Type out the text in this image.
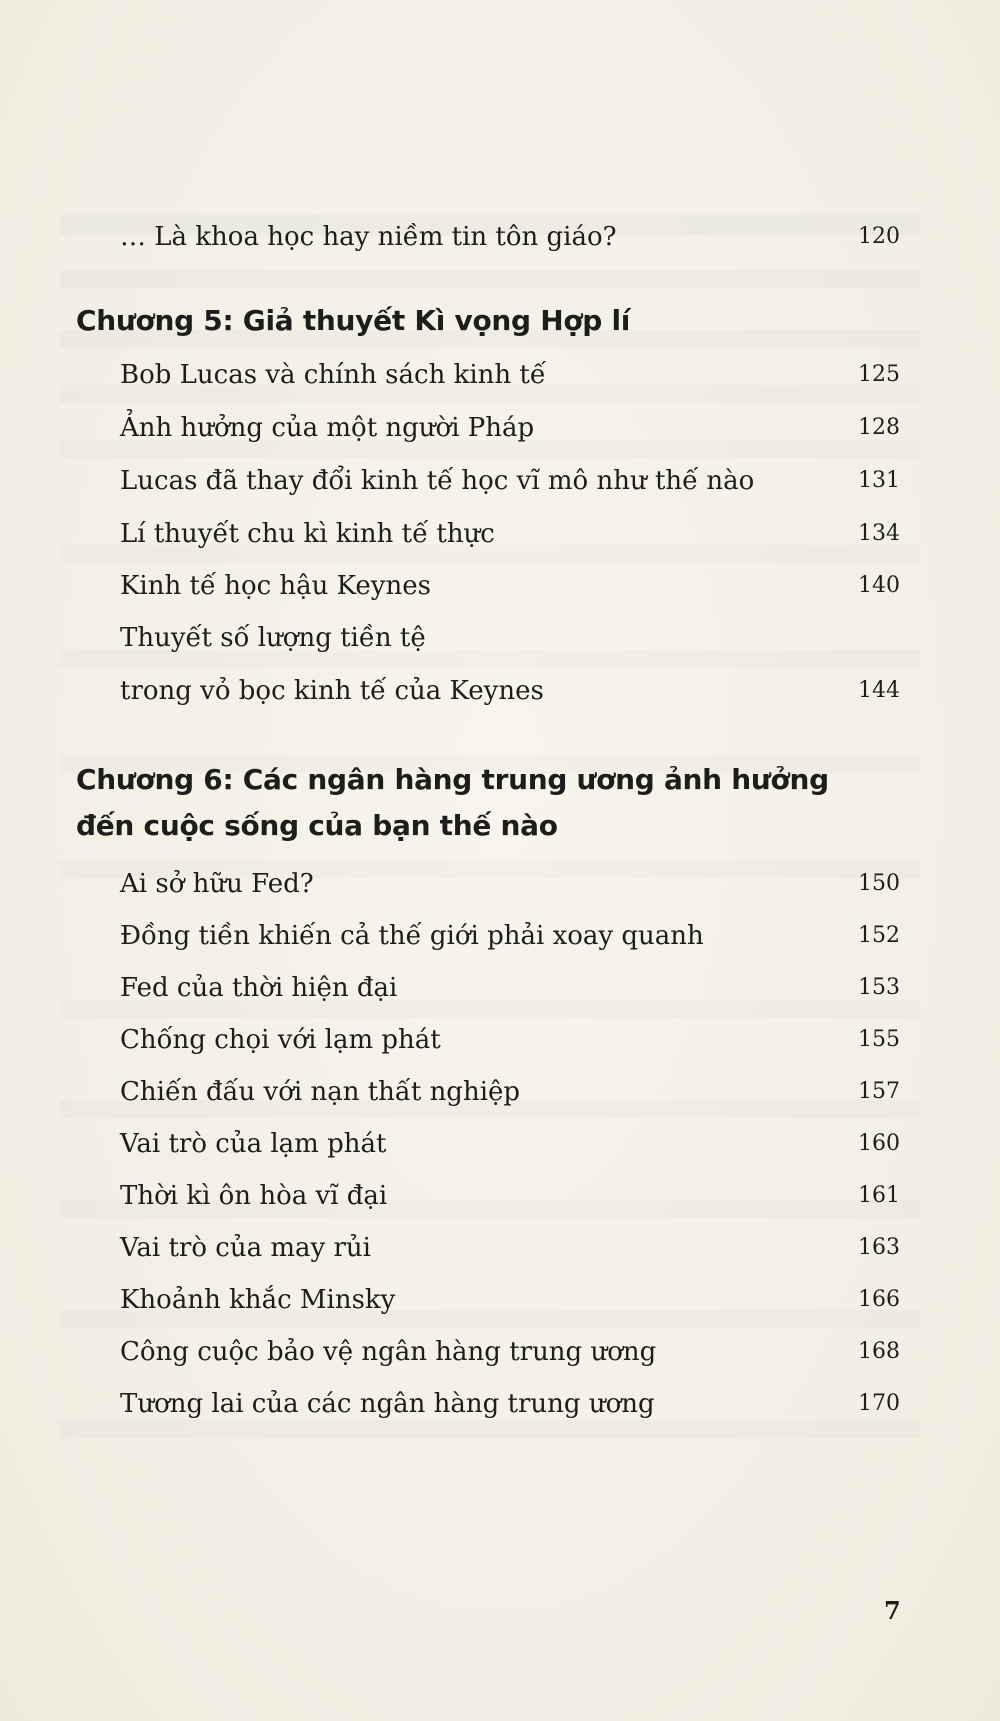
… Là khoa học hay niềm tin tôn giáo?	120
Chương 5: Giả thuyết Kì vọng Hợp lí
Bob Lucas và chính sách kinh tế	125
Ảnh hưởng của một người Pháp	128
Lucas đã thay đổi kinh tế học vĩ mô như thế nào	131
Lí thuyết chu kì kinh tế thực	134
Kinh tế học hậu Keynes	140
Thuyết số lượng tiền tệ
trong vỏ bọc kinh tế của Keynes	144
Chương 6: Các ngân hàng trung ương ảnh hưởng
đến cuộc sống của bạn thế nào
Ai sở hữu Fed?	150
Đồng tiền khiến cả thế giới phải xoay quanh	152
Fed của thời hiện đại	153
Chống chọi với lạm phát	155
Chiến đấu với nạn thất nghiệp	157
Vai trò của lạm phát	160
Thời kì ôn hòa vĩ đại	161
Vai trò của may rủi	163
Khoảnh khắc Minsky	166
Công cuộc bảo vệ ngân hàng trung ương	168
Tương lai của các ngân hàng trung ương	170
7
